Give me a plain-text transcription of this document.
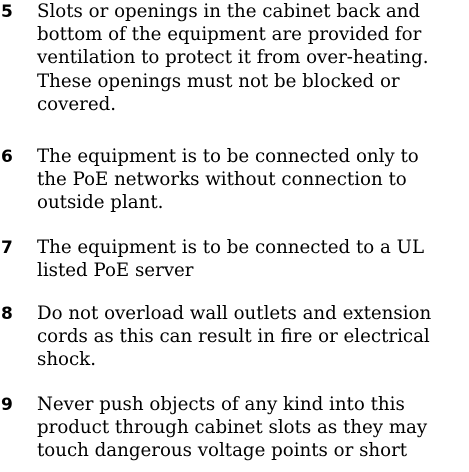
5 Slots or openings in the cabinet back and
bottom of the equipment are provided for
ventilation to protect it from over-heating.
These openings must not be blocked or
covered.
6 The equipment is to be connected only to
the PoE networks without connection to
outside plant.
7 The equipment is to be connected to a UL
listed PoE server
8 Do not overload wall outlets and extension
cords as this can result in fire or electrical
shock.
9 Never push objects of any kind into this
product through cabinet slots as they may
touch dangerous voltage points or short
